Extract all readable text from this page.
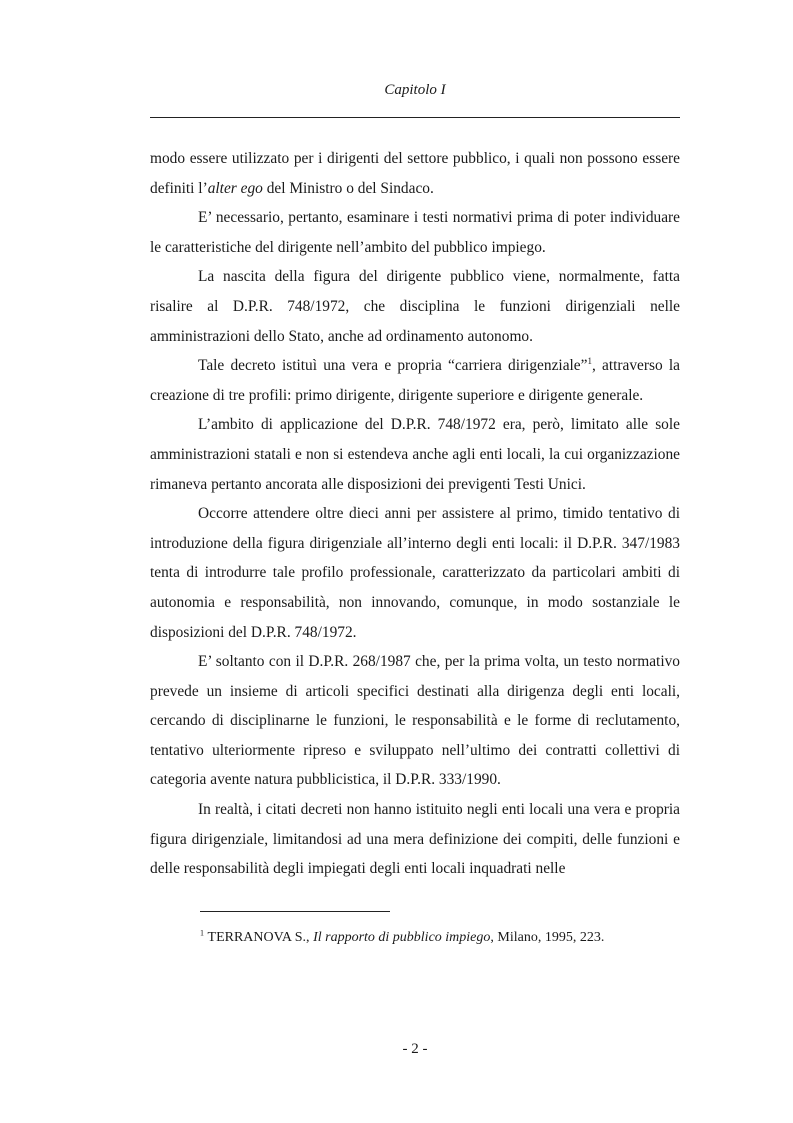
Capitolo I

modo essere utilizzato per i dirigenti del settore pubblico, i quali non possono essere definiti l’alter ego del Ministro o del Sindaco.

E’ necessario, pertanto, esaminare i testi normativi prima di poter individuare le caratteristiche del dirigente nell’ambito del pubblico impiego.

La nascita della figura del dirigente pubblico viene, normalmente, fatta risalire al D.P.R. 748/1972, che disciplina le funzioni dirigenziali nelle amministrazioni dello Stato, anche ad ordinamento autonomo.

Tale decreto istituì una vera e propria “carriera dirigenziale”$^1$, attraverso la creazione di tre profili: primo dirigente, dirigente superiore e dirigente generale.

L’ambito di applicazione del D.P.R. 748/1972 era, però, limitato alle sole amministrazioni statali e non si estendeva anche agli enti locali, la cui organizzazione rimaneva pertanto ancorata alle disposizioni dei previgenti Testi Unici.

Occorre attendere oltre dieci anni per assistere al primo, timido tentativo di introduzione della figura dirigenziale all’interno degli enti locali: il D.P.R. 347/1983 tenta di introdurre tale profilo professionale, caratterizzato da particolari ambiti di autonomia e responsabilità, non innovando, comunque, in modo sostanziale le disposizioni del D.P.R. 748/1972.

E’ soltanto con il D.P.R. 268/1987 che, per la prima volta, un testo normativo prevede un insieme di articoli specifici destinati alla dirigenza degli enti locali, cercando di disciplinarne le funzioni, le responsabilità e le forme di reclutamento, tentativo ulteriormente ripreso e sviluppato nell’ultimo dei contratti collettivi di categoria avente natura pubblicistica, il D.P.R. 333/1990.

In realtà, i citati decreti non hanno istituito negli enti locali una vera e propria figura dirigenziale, limitandosi ad una mera definizione dei compiti, delle funzioni e delle responsabilità degli impiegati degli enti locali inquadrati nelle

$^1$ TERRANOVA S., Il rapporto di pubblico impiego, Milano, 1995, 223.
- 2 -
